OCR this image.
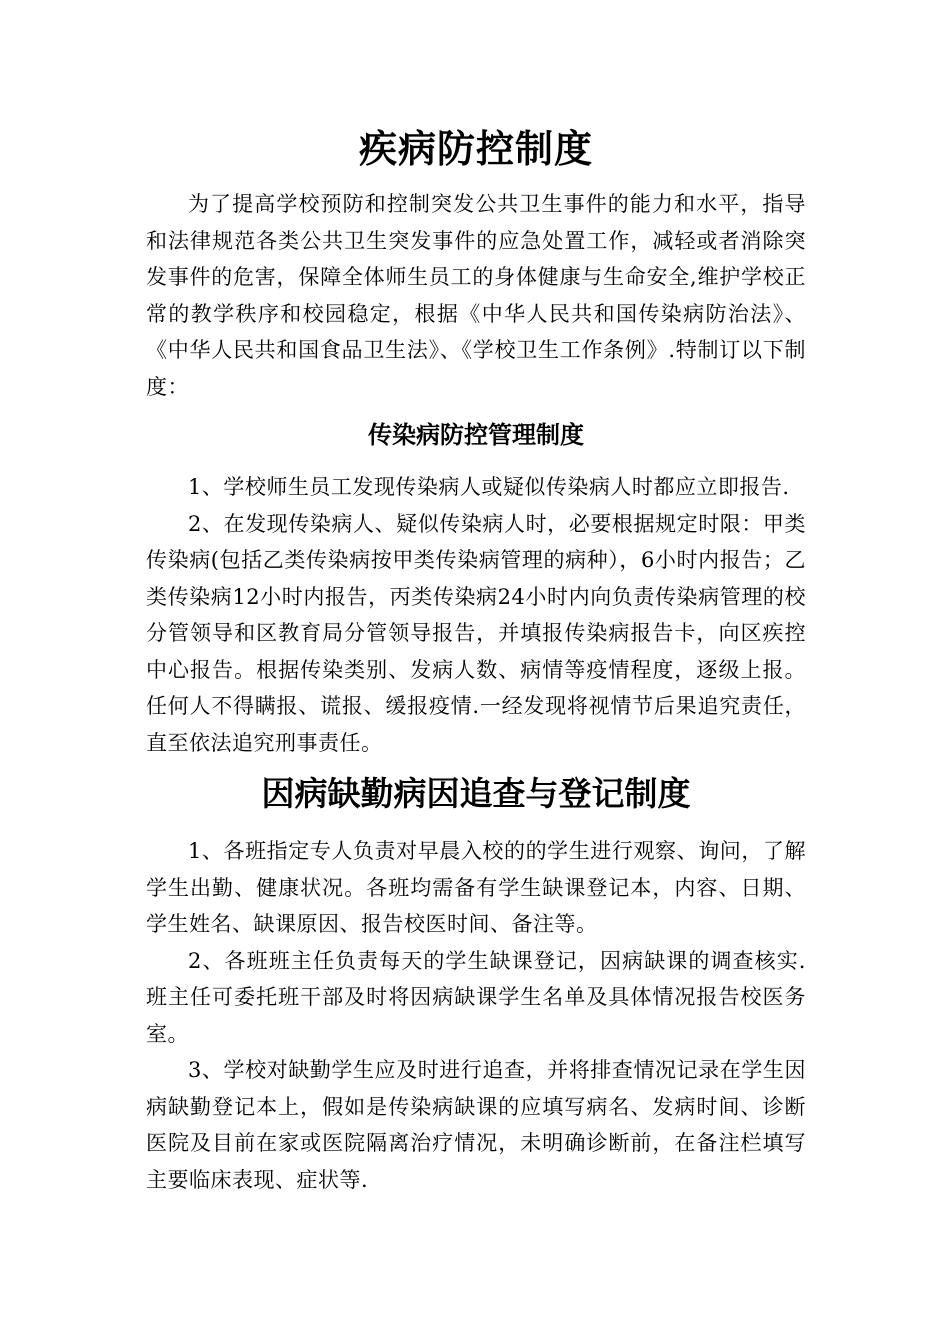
疾病防控制度

为了提高学校预防和控制突发公共卫生事件的能力和水平，指导和法律规范各类公共卫生突发事件的应急处置工作，减轻或者消除突发事件的危害，保障全体师生员工的身体健康与生命安全,维护学校正常的教学秩序和校园稳定，根据《中华人民共和国传染病防治法》、《中华人民共和国食品卫生法》、《学校卫生工作条例》.特制订以下制度：

传染病防控管理制度

1、学校师生员工发现传染病人或疑似传染病人时都应立即报告.

2、在发现传染病人、疑似传染病人时，必要根据规定时限：甲类传染病(包括乙类传染病按甲类传染病管理的病种），6小时内报告；乙类传染病12小时内报告，丙类传染病24小时内向负责传染病管理的校分管领导和区教育局分管领导报告，并填报传染病报告卡，向区疾控中心报告。根据传染类别、发病人数、病情等疫情程度，逐级上报。任何人不得瞒报、谎报、缓报疫情.一经发现将视情节后果追究责任，直至依法追究刑事责任。

因病缺勤病因追查与登记制度

1、各班指定专人负责对早晨入校的的学生进行观察、询问，了解学生出勤、健康状况。各班均需备有学生缺课登记本，内容、日期、学生姓名、缺课原因、报告校医时间、备注等。

2、各班班主任负责每天的学生缺课登记，因病缺课的调查核实.班主任可委托班干部及时将因病缺课学生名单及具体情况报告校医务室。

3、学校对缺勤学生应及时进行追查，并将排查情况记录在学生因病缺勤登记本上，假如是传染病缺课的应填写病名、发病时间、诊断医院及目前在家或医院隔离治疗情况，未明确诊断前，在备注栏填写主要临床表现、症状等.
